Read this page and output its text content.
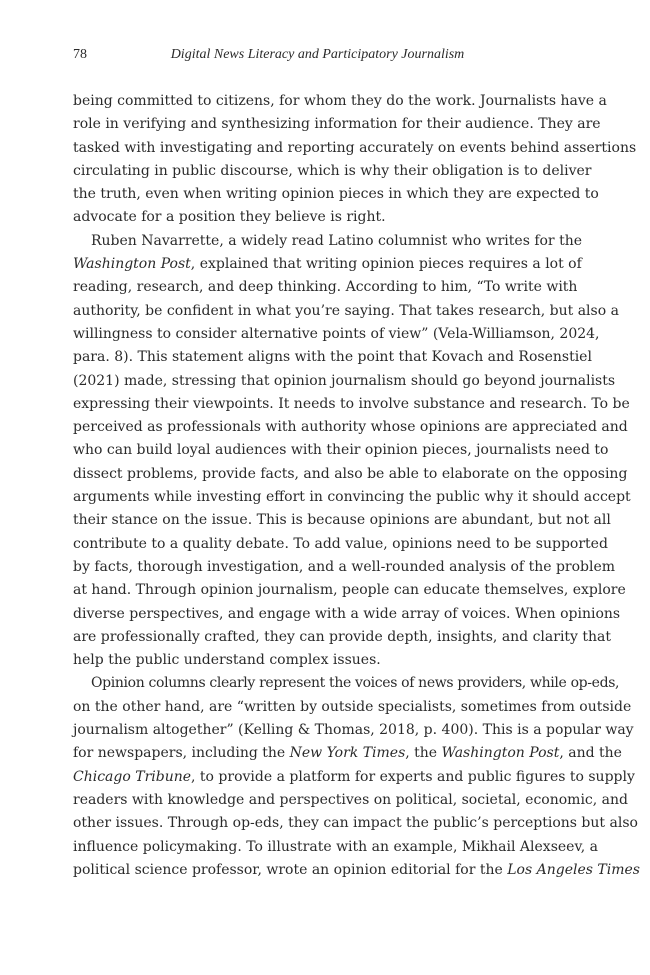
78	Digital News Literacy and Participatory Journalism
being committed to citizens, for whom they do the work. Journalists have a
role in verifying and synthesizing information for their audience. They are
tasked with investigating and reporting accurately on events behind assertions
circulating in public discourse, which is why their obligation is to deliver
the truth, even when writing opinion pieces in which they are expected to
advocate for a position they believe is right.
Ruben Navarrette, a widely read Latino columnist who writes for the
Washington Post, explained that writing opinion pieces requires a lot of
reading, research, and deep thinking. According to him, “To write with
authority, be confident in what you’re saying. That takes research, but also a
willingness to consider alternative points of view” (Vela-Williamson, 2024,
para. 8). This statement aligns with the point that Kovach and Rosenstiel
(2021) made, stressing that opinion journalism should go beyond journalists
expressing their viewpoints. It needs to involve substance and research. To be
perceived as professionals with authority whose opinions are appreciated and
who can build loyal audiences with their opinion pieces, journalists need to
dissect problems, provide facts, and also be able to elaborate on the opposing
arguments while investing effort in convincing the public why it should accept
their stance on the issue. This is because opinions are abundant, but not all
contribute to a quality debate. To add value, opinions need to be supported
by facts, thorough investigation, and a well-rounded analysis of the problem
at hand. Through opinion journalism, people can educate themselves, explore
diverse perspectives, and engage with a wide array of voices. When opinions
are professionally crafted, they can provide depth, insights, and clarity that
help the public understand complex issues.
Opinion columns clearly represent the voices of news providers, while op-eds,
on the other hand, are “written by outside specialists, sometimes from outside
journalism altogether” (Kelling & Thomas, 2018, p. 400). This is a popular way
for newspapers, including the New York Times, the Washington Post, and the
Chicago Tribune, to provide a platform for experts and public figures to supply
readers with knowledge and perspectives on political, societal, economic, and
other issues. Through op-eds, they can impact the public’s perceptions but also
influence policymaking. To illustrate with an example, Mikhail Alexseev, a
political science professor, wrote an opinion editorial for the Los Angeles Times
